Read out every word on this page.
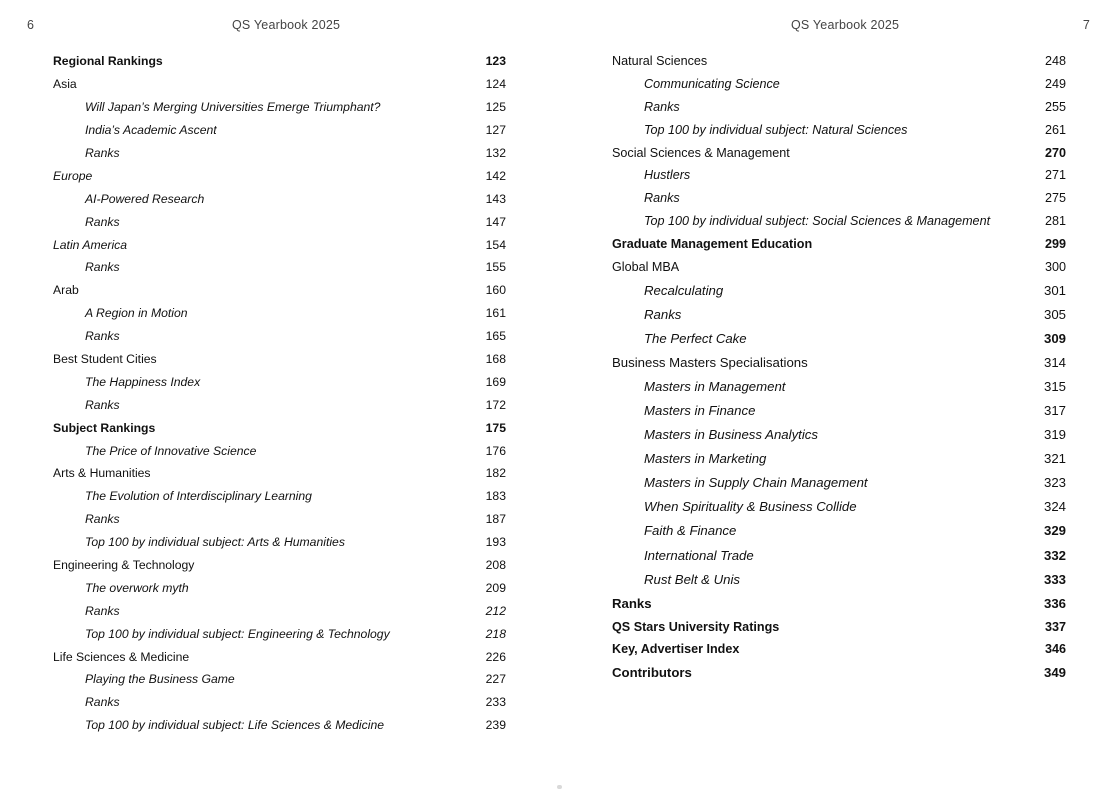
6	QS Yearbook 2025
Regional Rankings	123
Asia	124
Will Japan’s Merging Universities Emerge Triumphant?	125
India’s Academic Ascent	127
Ranks	132
Europe	142
AI-Powered Research	143
Ranks	147
Latin America	154
Ranks	155
Arab	160
A Region in Motion	161
Ranks	165
Best Student Cities	168
The Happiness Index	169
Ranks	172
Subject Rankings	175
The Price of Innovative Science	176
Arts & Humanities	182
The Evolution of Interdisciplinary Learning	183
Ranks	187
Top 100 by individual subject: Arts & Humanities	193
Engineering & Technology	208
The overwork myth	209
Ranks	212
Top 100 by individual subject: Engineering & Technology	218
Life Sciences & Medicine	226
Playing the Business Game	227
Ranks	233
Top 100 by individual subject: Life Sciences & Medicine	239
QS Yearbook 2025	7
Natural Sciences	248
Communicating Science	249
Ranks	255
Top 100 by individual subject: Natural Sciences	261
Social Sciences & Management	270
Hustlers	271
Ranks	275
Top 100 by individual subject: Social Sciences & Management	281
Graduate Management Education	299
Global MBA	300
Recalculating	301
Ranks	305
The Perfect Cake	309
Business Masters Specialisations	314
Masters in Management	315
Masters in Finance	317
Masters in Business Analytics	319
Masters in Marketing	321
Masters in Supply Chain Management	323
When Spirituality & Business Collide	324
Faith & Finance	329
International Trade	332
Rust Belt & Unis	333
Ranks	336
QS Stars University Ratings	337
Key, Advertiser Index	346
Contributors	349
